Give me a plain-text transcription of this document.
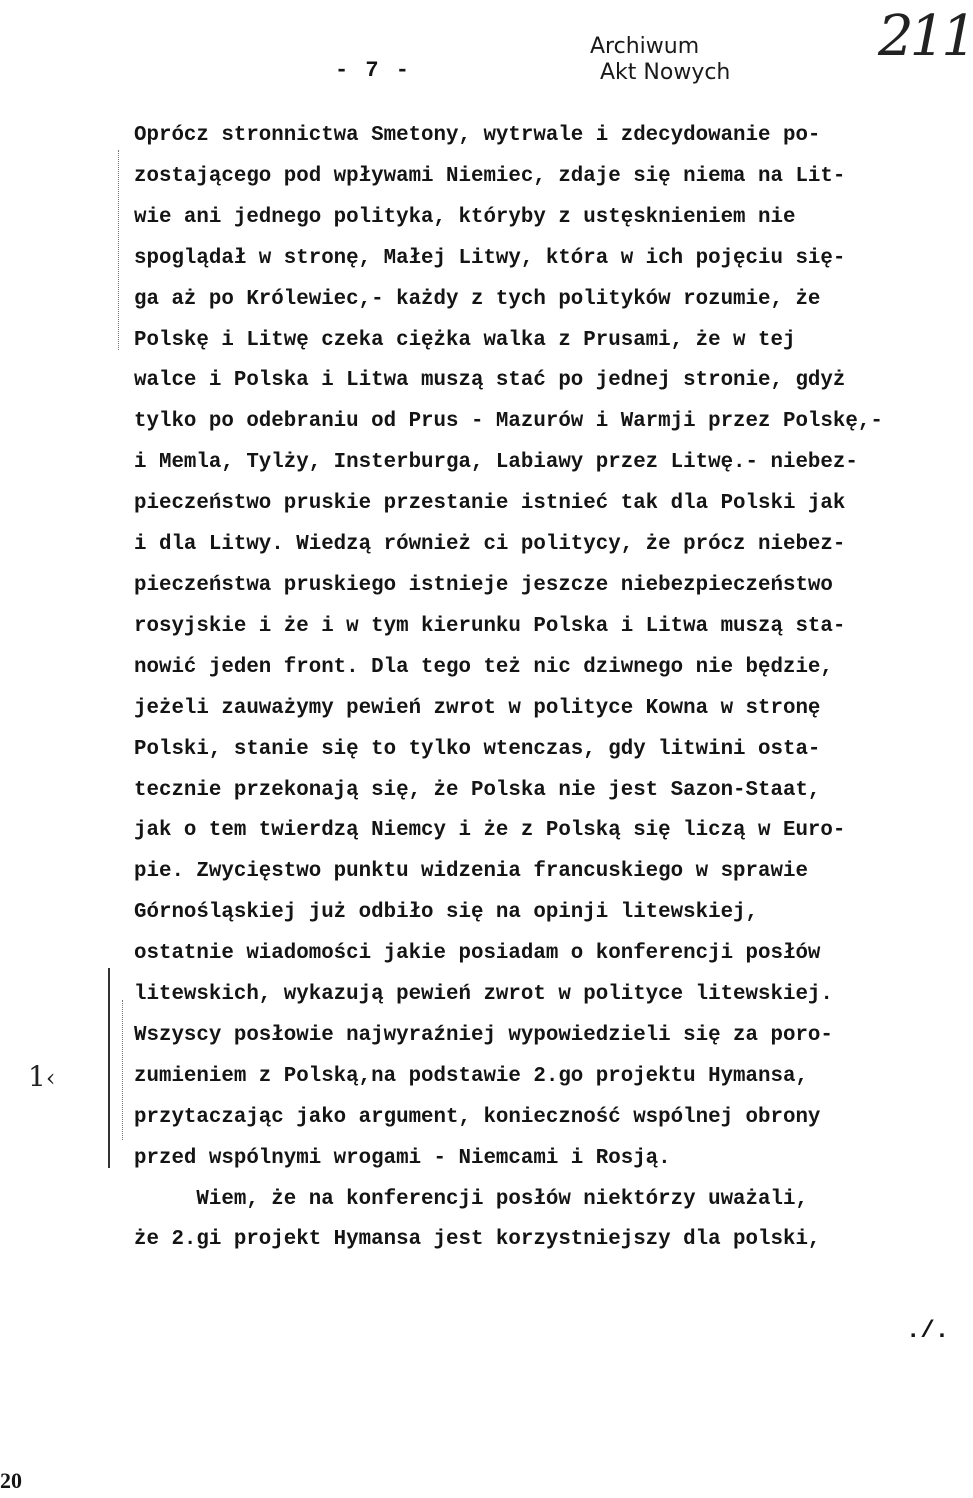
- 7 -
Archiwum
Akt Nowych
211
Oprócz stronnictwa Smetony, wytrwale i zdecydowanie po-
zostającego pod wpływami Niemiec, zdaje się niema na Lit-
wie ani jednego polityka, któryby z ustęsknieniem nie
spoglądał w stronę, Małej Litwy, która w ich pojęciu się-
ga aż po Królewiec,- każdy z tych polityków rozumie, że
Polskę i Litwę czeka ciężka walka z Prusami, że w tej
walce i Polska i Litwa muszą stać po jednej stronie, gdyż
tylko po odebraniu od Prus - Mazurów i Warmji przez Polskę,-
i Memla, Tylży, Insterburga, Labiawy przez Litwę.- niebez-
pieczeństwo pruskie przestanie istnieć tak dla Polski jak
i dla Litwy. Wiedzą również ci politycy, że prócz niebez-
pieczeństwa pruskiego istnieje jeszcze niebezpieczeństwo
rosyjskie i że i w tym kierunku Polska i Litwa muszą sta-
nowić jeden front. Dla tego też nic dziwnego nie będzie,
jeżeli zauważymy pewień zwrot w polityce Kowna w stronę
Polski, stanie się to tylko wtenczas, gdy litwini osta-
tecznie przekonają się, że Polska nie jest Sazon-Staat,
jak o tem twierdzą Niemcy i że z Polską się liczą w Euro-
pie. Zwycięstwo punktu widzenia francuskiego w sprawie
Górnośląskiej już odbiło się na opinji litewskiej,
ostatnie wiadomości jakie posiadam o konferencji posłów
litewskich, wykazują pewień zwrot w polityce litewskiej.
Wszyscy posłowie najwyraźniej wypowiedzieli się za poro-
zumieniem z Polską,na podstawie 2.go projektu Hymansa,
przytaczając jako argument, konieczność wspólnej obrony
przed wspólnymi wrogami - Niemcami i Rosją.
Wiem, że na konferencji posłów niektórzy uważali,
że 2.gi projekt Hymansa jest korzystniejszy dla polski,
1‹
./.
20
